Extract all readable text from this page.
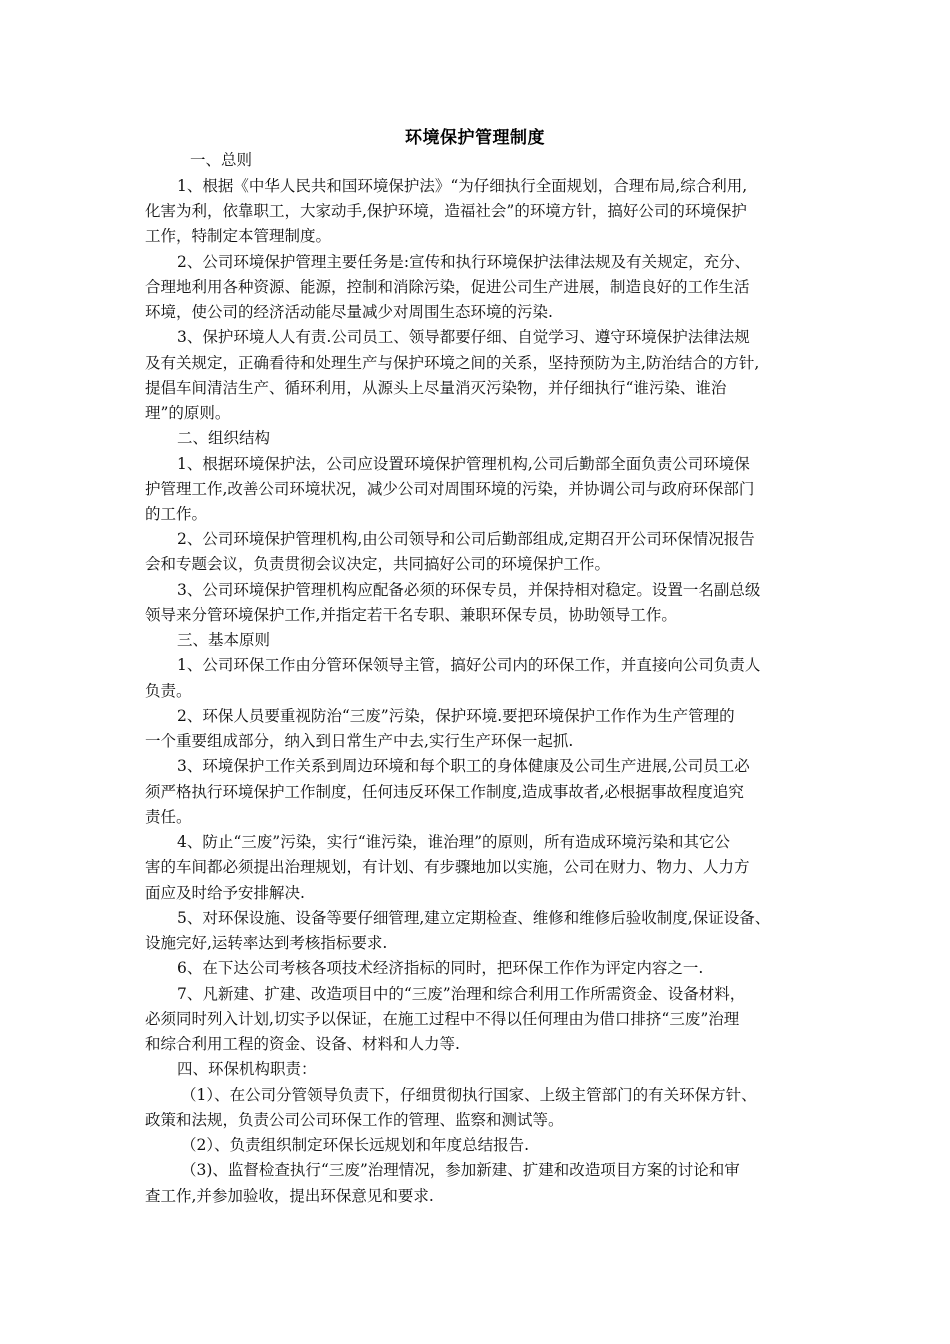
环境保护管理制度
一、总则
1、根据《中华人民共和国环境保护法》“为仔细执行全面规划，合理布局,综合利用,
化害为利，依靠职工，大家动手,保护环境，造福社会”的环境方针，搞好公司的环境保护
工作，特制定本管理制度。
2、公司环境保护管理主要任务是:宣传和执行环境保护法律法规及有关规定，充分、
合理地利用各种资源、能源，控制和消除污染，促进公司生产进展，制造良好的工作生活
环境，使公司的经济活动能尽量减少对周围生态环境的污染.
3、保护环境人人有责.公司员工、领导都要仔细、自觉学习、遵守环境保护法律法规
及有关规定，正确看待和处理生产与保护环境之间的关系，坚持预防为主,防治结合的方针,
提倡车间清洁生产、循环利用，从源头上尽量消灭污染物，并仔细执行“谁污染、谁治
理”的原则。
二、组织结构
1、根据环境保护法，公司应设置环境保护管理机构,公司后勤部全面负责公司环境保
护管理工作,改善公司环境状况，减少公司对周围环境的污染，并协调公司与政府环保部门
的工作。
2、公司环境保护管理机构,由公司领导和公司后勤部组成,定期召开公司环保情况报告
会和专题会议，负责贯彻会议决定，共同搞好公司的环境保护工作。
3、公司环境保护管理机构应配备必须的环保专员，并保持相对稳定。设置一名副总级
领导来分管环境保护工作,并指定若干名专职、兼职环保专员，协助领导工作。
三、基本原则
1、公司环保工作由分管环保领导主管，搞好公司内的环保工作，并直接向公司负责人
负责。
2、环保人员要重视防治“三废”污染，保护环境.要把环境保护工作作为生产管理的
一个重要组成部分，纳入到日常生产中去,实行生产环保一起抓.
3、环境保护工作关系到周边环境和每个职工的身体健康及公司生产进展,公司员工必
须严格执行环境保护工作制度，任何违反环保工作制度,造成事故者,必根据事故程度追究
责任。
4、防止“三废”污染，实行“谁污染，谁治理”的原则，所有造成环境污染和其它公
害的车间都必须提出治理规划，有计划、有步骤地加以实施，公司在财力、物力、人力方
面应及时给予安排解决.
5、对环保设施、设备等要仔细管理,建立定期检查、维修和维修后验收制度,保证设备、
设施完好,运转率达到考核指标要求.
6、在下达公司考核各项技术经济指标的同时，把环保工作作为评定内容之一.
7、凡新建、扩建、改造项目中的“三废”治理和综合利用工作所需资金、设备材料，
必须同时列入计划,切实予以保证，在施工过程中不得以任何理由为借口排挤“三废”治理
和综合利用工程的资金、设备、材料和人力等.
四、环保机构职责：
（1）、在公司分管领导负责下，仔细贯彻执行国家、上级主管部门的有关环保方针、
政策和法规，负责公司公司环保工作的管理、监察和测试等。
（2）、负责组织制定环保长远规划和年度总结报告.
（3)、监督检查执行“三废”治理情况，参加新建、扩建和改造项目方案的讨论和审
查工作,并参加验收，提出环保意见和要求.
